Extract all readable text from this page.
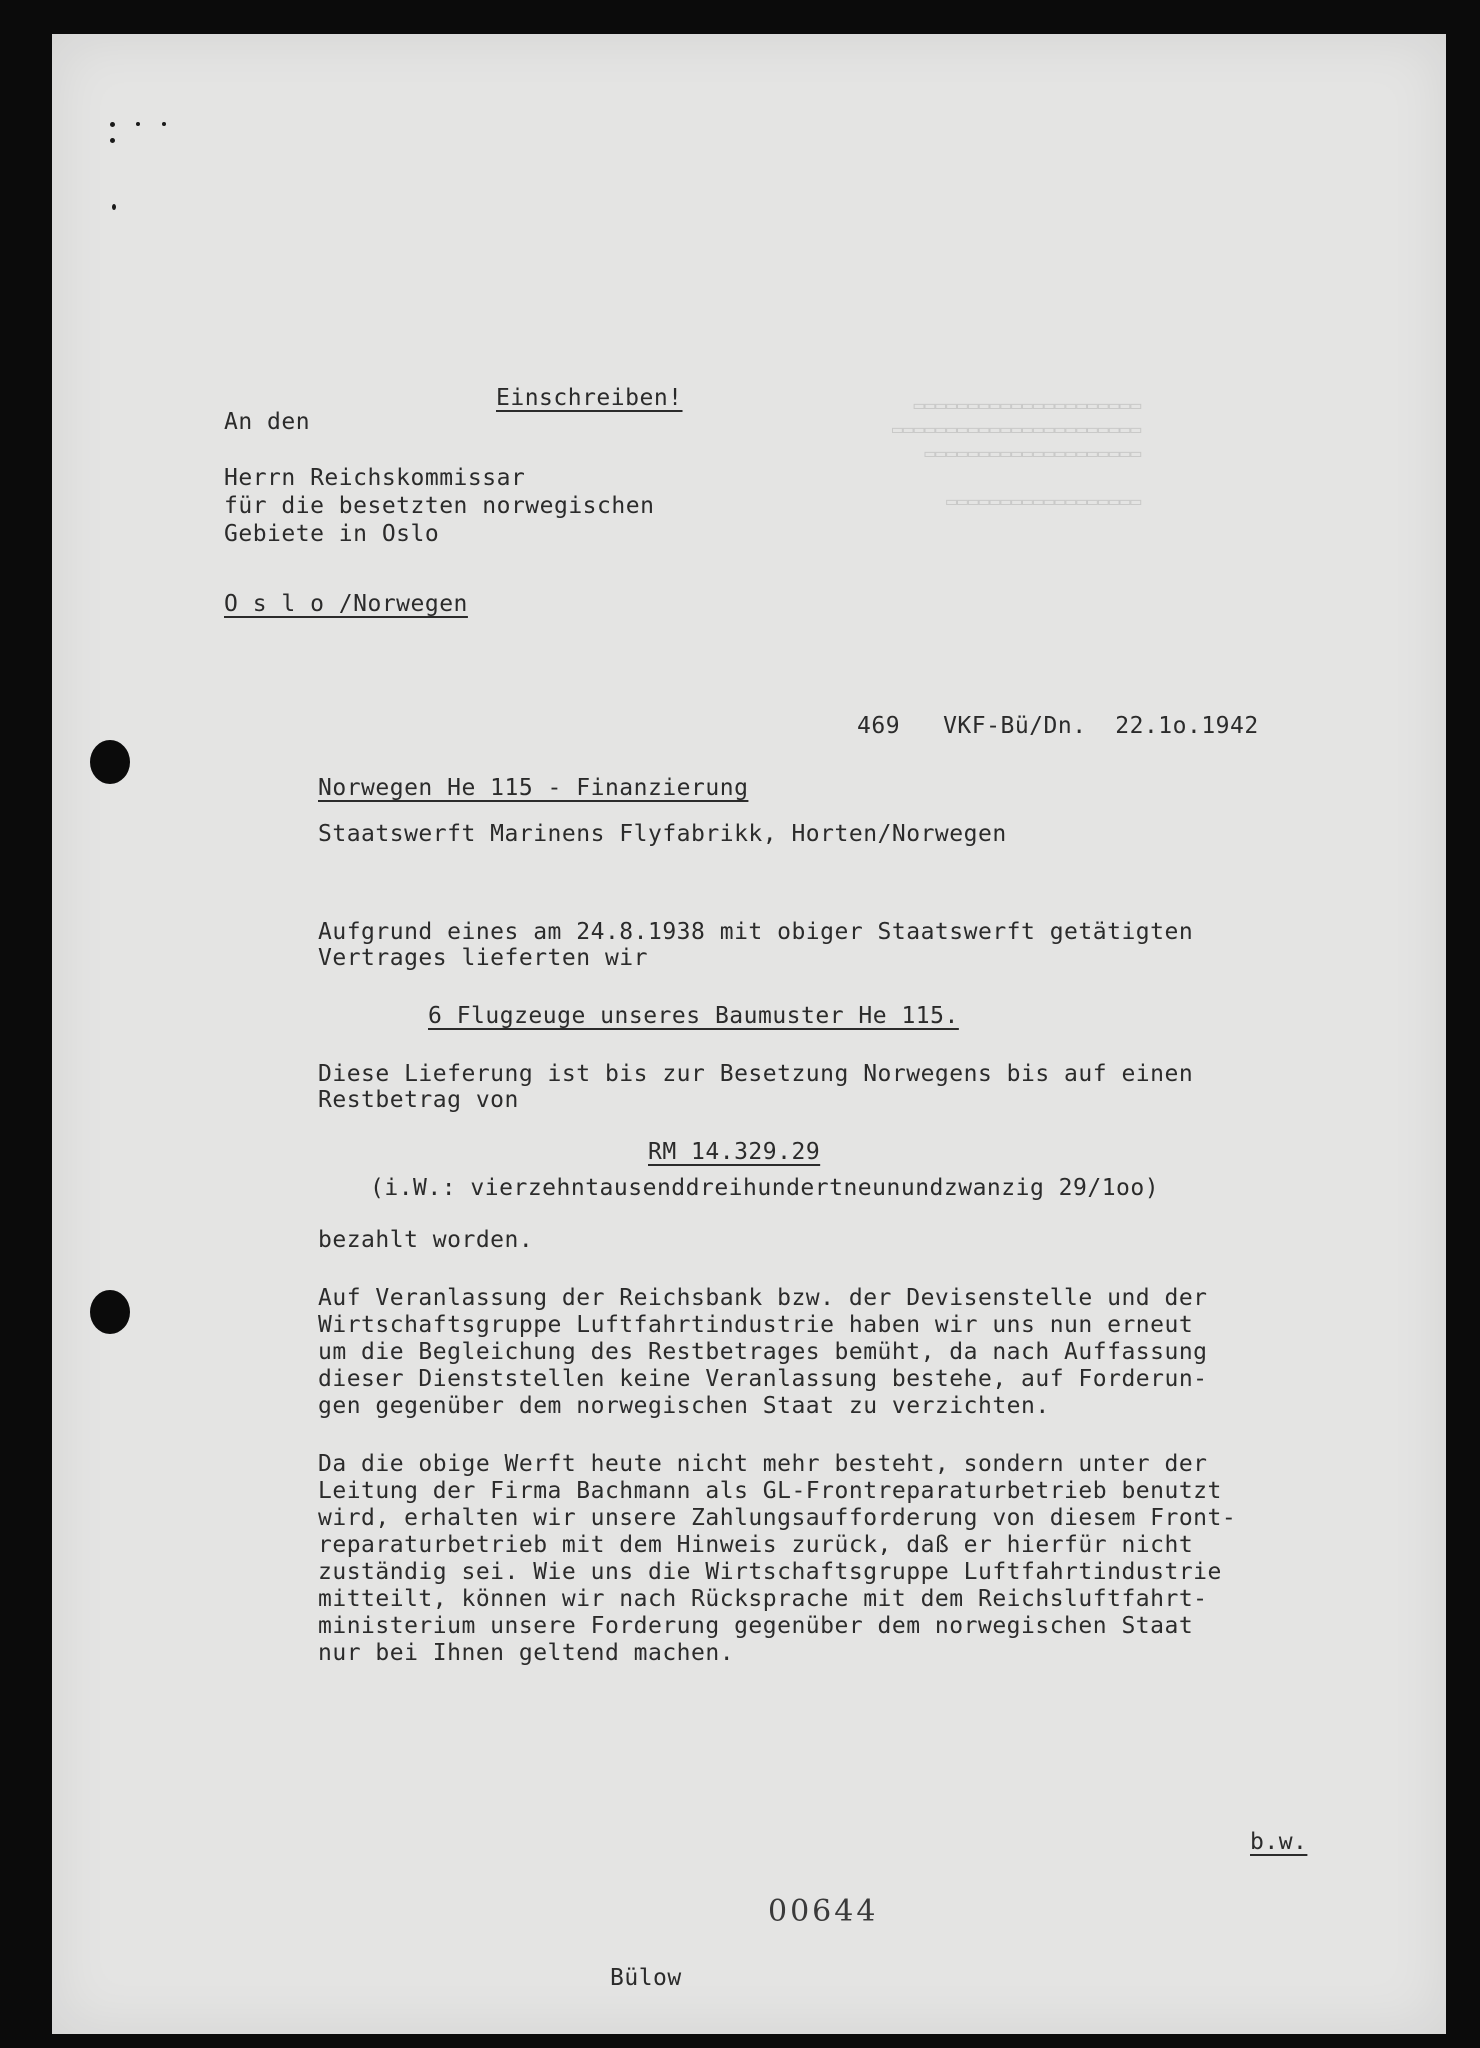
▭▭▭▭▭▭▭▭▭▭▭▭▭▭▭▭▭▭▭▭▭
▭▭▭▭▭▭▭▭▭▭▭▭▭▭▭▭▭▭▭▭▭▭▭
▭▭▭▭▭▭▭▭▭▭▭▭▭▭▭▭▭▭▭▭

▭▭▭▭▭▭▭▭▭▭▭▭▭▭▭▭▭▭
Einschreiben!
An den
Herrn Reichskommissar
für die besetzten norwegischen
Gebiete in Oslo
O s l o /Norwegen
469   VKF-Bü/Dn.  22.1o.1942
Norwegen He 115 - Finanzierung
Staatswerft Marinens Flyfabrikk, Horten/Norwegen
Aufgrund eines am 24.8.1938 mit obiger Staatswerft getätigten
Vertrages lieferten wir
6 Flugzeuge unseres Baumuster He 115.
Diese Lieferung ist bis zur Besetzung Norwegens bis auf einen
Restbetrag von
RM 14.329.29
(i.W.: vierzehntausenddreihundertneunundzwanzig 29/1oo)
bezahlt worden.
Auf Veranlassung der Reichsbank bzw. der Devisenstelle und der
Wirtschaftsgruppe Luftfahrtindustrie haben wir uns nun erneut
um die Begleichung des Restbetrages bemüht, da nach Auffassung
dieser Dienststellen keine Veranlassung bestehe, auf Forderun-
gen gegenüber dem norwegischen Staat zu verzichten.
Da die obige Werft heute nicht mehr besteht, sondern unter der
Leitung der Firma Bachmann als GL-Frontreparaturbetrieb benutzt
wird, erhalten wir unsere Zahlungsaufforderung von diesem Front-
reparaturbetrieb mit dem Hinweis zurück, daß er hierfür nicht
zuständig sei. Wie uns die Wirtschaftsgruppe Luftfahrtindustrie
mitteilt, können wir nach Rücksprache mit dem Reichsluftfahrt-
ministerium unsere Forderung gegenüber dem norwegischen Staat
nur bei Ihnen geltend machen.
b.w.
00644
Bülow
